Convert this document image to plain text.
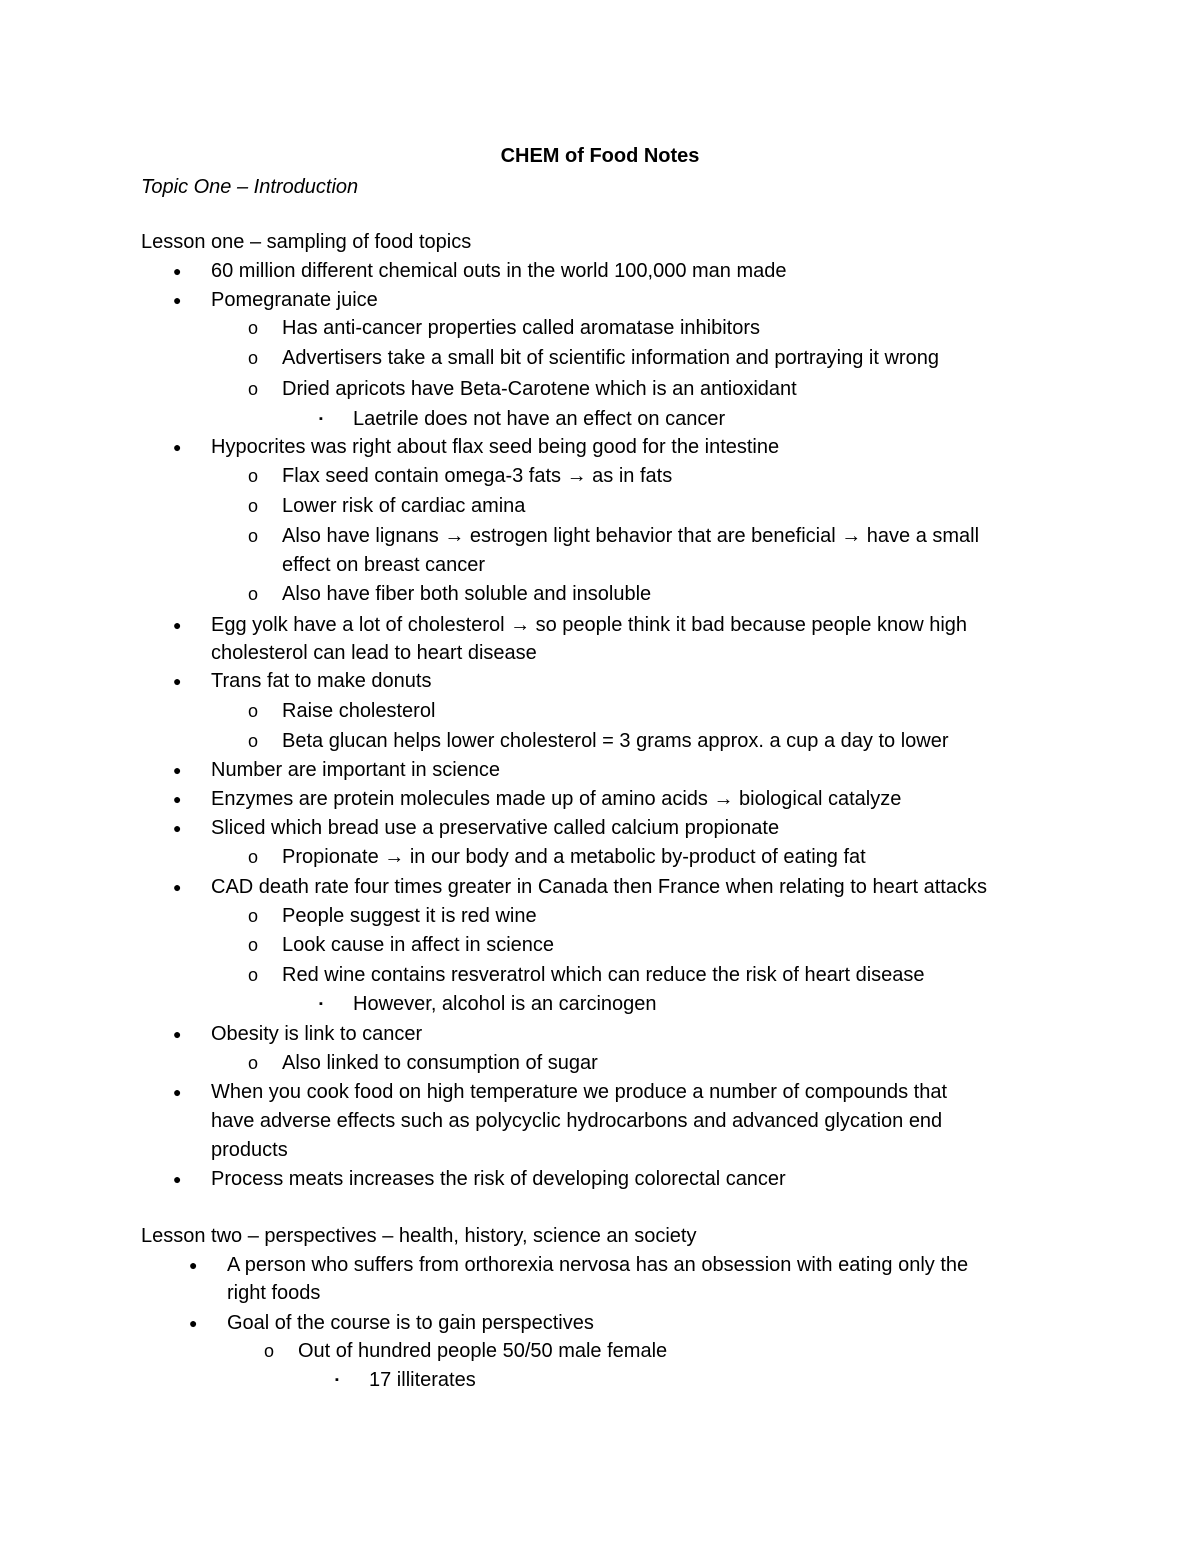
CHEM of Food Notes
Topic One – Introduction
Lesson one – sampling of food topics
● 60 million different chemical outs in the world 100,000 man made
● Pomegranate juice
o Has anti-cancer properties called aromatase inhibitors
o Advertisers take a small bit of scientific information and portraying it wrong
o Dried apricots have Beta-Carotene which is an antioxidant
▪ Laetrile does not have an effect on cancer
● Hypocrites was right about flax seed being good for the intestine
o Flax seed contain omega-3 fats → as in fats
o Lower risk of cardiac amina
o Also have lignans → estrogen light behavior that are beneficial → have a small
effect on breast cancer
o Also have fiber both soluble and insoluble
● Egg yolk have a lot of cholesterol → so people think it bad because people know high
cholesterol can lead to heart disease
● Trans fat to make donuts
o Raise cholesterol
o Beta glucan helps lower cholesterol = 3 grams approx. a cup a day to lower
● Number are important in science
● Enzymes are protein molecules made up of amino acids → biological catalyze
● Sliced which bread use a preservative called calcium propionate
o Propionate → in our body and a metabolic by-product of eating fat
● CAD death rate four times greater in Canada then France when relating to heart attacks
o People suggest it is red wine
o Look cause in affect in science
o Red wine contains resveratrol which can reduce the risk of heart disease
▪ However, alcohol is an carcinogen
● Obesity is link to cancer
o Also linked to consumption of sugar
● When you cook food on high temperature we produce a number of compounds that
have adverse effects such as polycyclic hydrocarbons and advanced glycation end
products
● Process meats increases the risk of developing colorectal cancer
Lesson two – perspectives – health, history, science an society
● A person who suffers from orthorexia nervosa has an obsession with eating only the
right foods
● Goal of the course is to gain perspectives
o Out of hundred people 50/50 male female
▪ 17 illiterates
